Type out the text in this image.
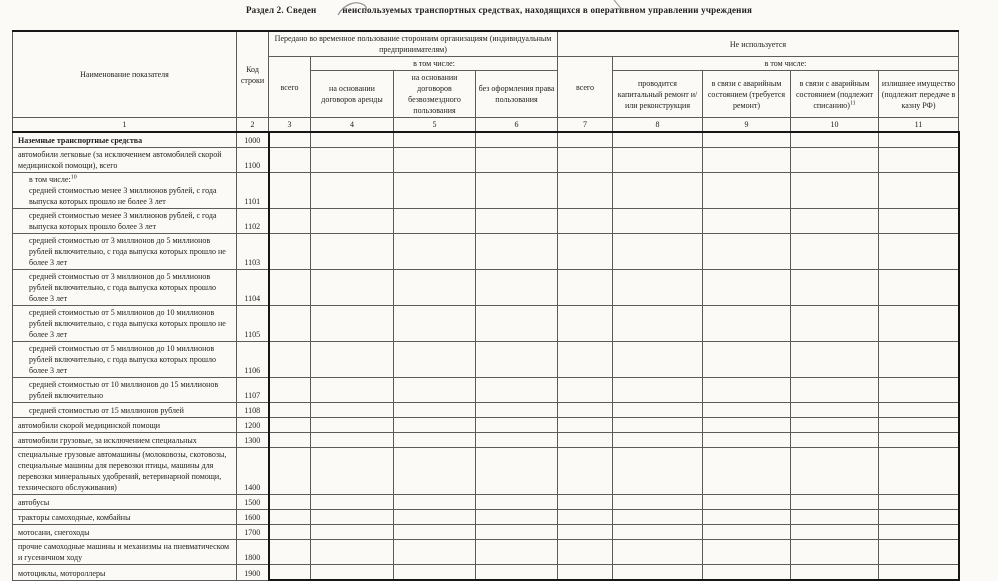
Раздел 2. Сведен	неиспользуемых транспортных средствах, находящихся в оперативном управлении учреждения
Наименование показателя	Код строки	Передано во временное пользование сторонним организациям (индивидуальным предпринимателям)				Не используется				
		всего	в том числе:			всего	в том числе:			
			на основании договоров аренды	на основании договоров безвозмездного пользования	без оформления права пользования		проводится капитальный ремонт и/или реконструкция	в связи с аварийным состоянием (требуется ремонт)	в связи с аварийным состоянием (подлежит списанию)$^{11}$	излишнее имущество (подлежит передаче в казну РФ)
1	2	3	4	5	6	7	8	9	10	11
Наземные транспортные средства	1000									
автомобили легковые (за исключением автомобилей скорой медицинской помощи), всего	1100									

в том числе:$^{10}$
средней стоимостью менее 3 миллионов рублей, с года выпуска которых прошло не более 3 лет	1101									
средней стоимостью менее 3 миллионов рублей, с года выпуска которых прошло более 3 лет	1102									
средней стоимостью от 3 миллионов до 5 миллионов рублей включительно, с года выпуска которых прошло не более 3 лет	1103									
средней стоимостью от 3 миллионов до 5 миллионов рублей включительно, с года выпуска которых прошло более 3 лет	1104									
средней стоимостью от 5 миллионов до 10 миллионов рублей включительно, с года выпуска которых прошло не более 3 лет	1105									
средней стоимостью от 5 миллионов до 10 миллионов рублей включительно, с года выпуска которых прошло более 3 лет	1106									
средней стоимостью от 10 миллионов до 15 миллионов рублей включительно	1107									
средней стоимостью от 15 миллионов рублей	1108									
автомобили скорой медицинской помощи	1200									
автомобили грузовые, за исключением специальных	1300									
специальные грузовые автомашины (молоковозы, скотовозы, специальные машины для перевозки птицы, машины для перевозки минеральных удобрений, ветеринарной помощи, технического обслуживания)	1400									
автобусы	1500									
тракторы самоходные, комбайны	1600									
мотосани, снегоходы	1700									
прочие самоходные машины и механизмы на пневматическом и гусеничном ходу	1800									
мотоциклы, мотороллеры	1900									
